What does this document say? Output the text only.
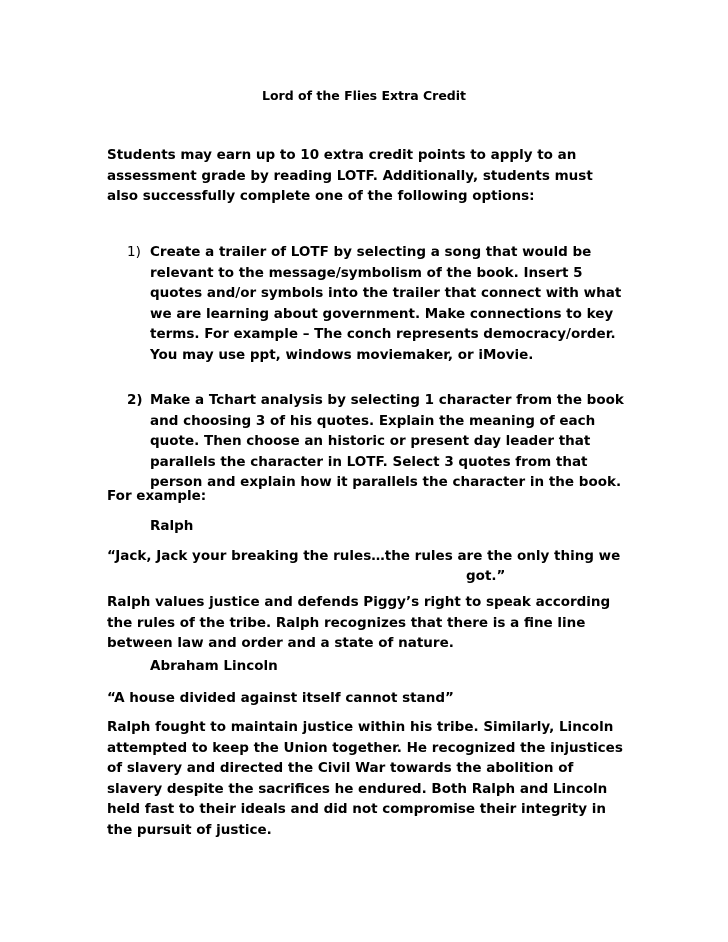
Lord of the Flies Extra Credit
Students may earn up to 10 extra credit points to apply to an assessment grade by reading LOTF. Additionally, students must also successfully complete one of the following options:
1) Create a trailer of LOTF by selecting a song that would be relevant to the message/symbolism of the book. Insert 5 quotes and/or symbols into the trailer that connect with what we are learning about government. Make connections to key terms. For example – The conch represents democracy/order. You may use ppt, windows moviemaker, or iMovie.
2) Make a Tchart analysis by selecting 1 character from the book and choosing 3 of his quotes. Explain the meaning of each quote. Then choose an historic or present day leader that parallels the character in LOTF. Select 3 quotes from that person and explain how it parallels the character in the book.
For example:
Ralph
“Jack, Jack your breaking the rules…the rules are the only thing we
got.”
Ralph values justice and defends Piggy’s right to speak according the rules of the tribe. Ralph recognizes that there is a fine line between law and order and a state of nature.
Abraham Lincoln
“A house divided against itself cannot stand”
Ralph fought to maintain justice within his tribe. Similarly, Lincoln attempted to keep the Union together. He recognized the injustices of slavery and directed the Civil War towards the abolition of slavery despite the sacrifices he endured. Both Ralph and Lincoln held fast to their ideals and did not compromise their integrity in the pursuit of justice.
